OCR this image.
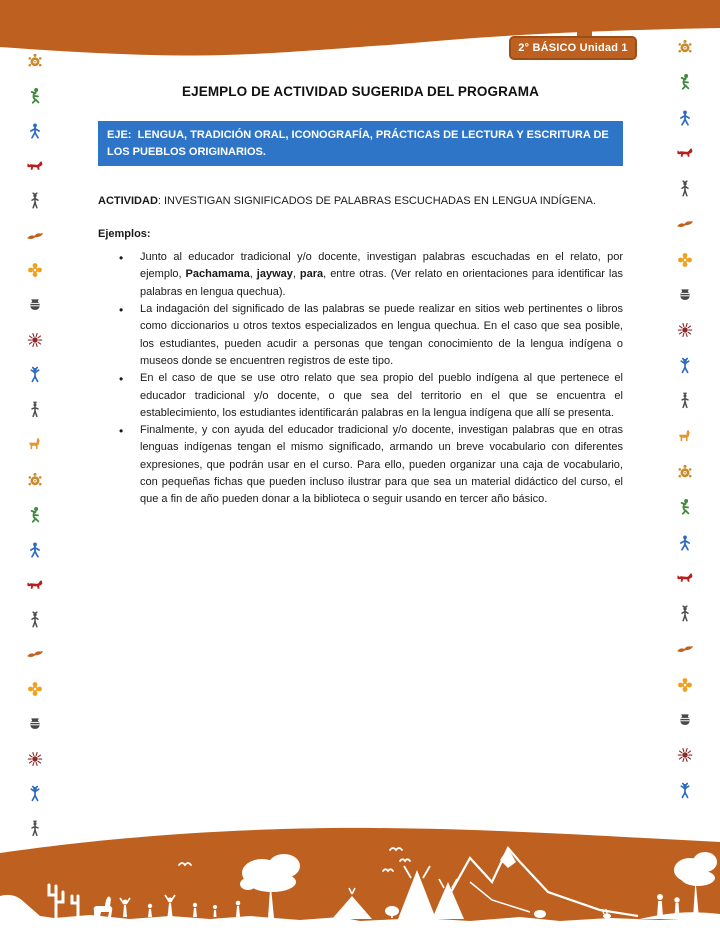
2° BÁSICO Unidad 1
EJEMPLO DE ACTIVIDAD SUGERIDA DEL PROGRAMA
EJE:  LENGUA, TRADICIÓN ORAL, ICONOGRAFÍA, PRÁCTICAS DE LECTURA Y ESCRITURA DE LOS PUEBLOS ORIGINARIOS.

ACTIVIDAD: INVESTIGAN SIGNIFICADOS DE PALABRAS ESCUCHADAS EN LENGUA INDÍGENA.

Ejemplos:

• Junto al educador tradicional y/o docente, investigan palabras escuchadas en el relato, por ejemplo, Pachamama, jayway, para, entre otras. (Ver relato en orientaciones para identificar las palabras en lengua quechua).
• La indagación del significado de las palabras se puede realizar en sitios web pertinentes o libros como diccionarios u otros textos especializados en lengua quechua. En el caso que sea posible, los estudiantes, pueden acudir a personas que tengan conocimiento de la lengua indígena o museos donde se encuentren registros de este tipo.
• En el caso de que se use otro relato que sea propio del pueblo indígena al que pertenece el educador tradicional y/o docente, o que sea del territorio en el que se encuentra el establecimiento, los estudiantes identificarán palabras en la lengua indígena que allí se presenta.
• Finalmente, y con ayuda del educador tradicional y/o docente, investigan palabras que en otras lenguas indígenas tengan el mismo significado, armando un breve vocabulario con diferentes expresiones, que podrán usar en el curso. Para ello, pueden organizar una caja de vocabulario, con pequeñas fichas que pueden incluso ilustrar para que sea un material didáctico del curso, el que a fin de año pueden donar a la biblioteca o seguir usando en tercer año básico.
